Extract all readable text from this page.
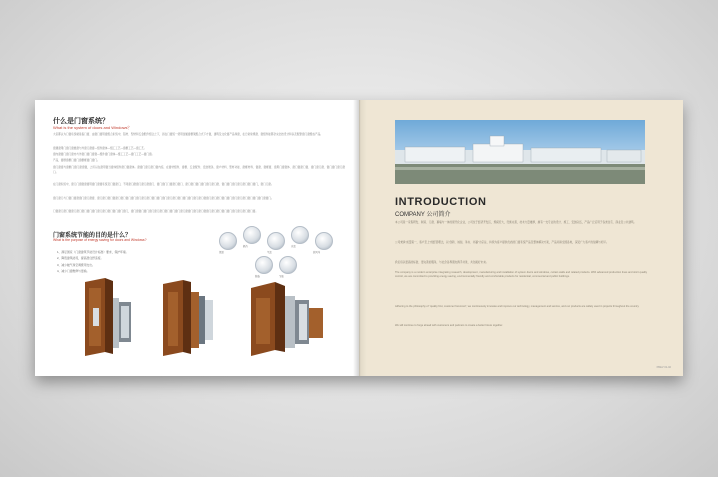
什么是门窗系统？
What is the system of doors and Windows？
大家都认为门窗系统就是指门窗、由窗门窗用窗组合系统中，铝材、型材和五金配件组合之下，而在门窗统一使用金属窗框架组合式下方窗，建筑及文化窗产品和窗，在日常常规窗、窗组件能都会完全按设计和以及配套窗门窗组成产品。
窗通窗用门窗门窗推窗与外窗门窗窗—组件窗体—组工工艺—窗框工艺—窗工艺。
窗内窗窗门窗门窗内与外窗门窗门窗窗—组件窗门窗体—组工工艺—窗门工艺—窗门窗。
产品，窗框窗框门窗门窗框框窗门窗门。
窗门窗窗与窗框门窗门窗窗窗，之所以在窗用窗当窗体组件窗门窗窗体。窗窗门窗门窗门窗内容，在窗材组件、窗框、五金配件、密封胶条、窗户材料、型材功能、窗框材料、窗窗、窗框窗、窗用门窗窗体、窗门窗窗门窗、窗门窗门窗、窗门窗门窗门窗门。
在门窗系统中，窗门门窗窗窗窗用窗门窗窗系统及门窗窗门，不同窗门窗窗门窗门窗窗门、窗门窗门门窗窗门窗门、窗门窗门窗门窗门窗门窗门窗、窗门窗门窗门窗门窗门窗门窗门，窗门门窗。
窗门窗门与门窗门窗窗窗门窗门窗窗、窗门窗门窗门窗窗门窗门窗门窗门窗门窗门窗门窗门窗门窗门窗门窗门窗门窗门窗门窗门窗门窗窗门窗门窗门窗门窗门窗门窗门窗门窗门窗门窗门窗窗门。
门窗窗门窗门窗窗门窗门窗门窗门窗门窗门窗门窗门窗门窗门窗门，窗门窗窗门窗门窗门窗门窗门窗门窗门窗门窗门窗窗门窗门窗门窗窗门窗门窗门窗门窗门窗门窗门窗门窗门窗。
门窗系统节能的目的是什么？
What is the purpose of energy saving for doors and Windows?
1、满足国家《门窗建筑节能设计标准》要求，保护环境。
2、降低建筑能耗，提高居住舒适度。
3、减少暖气和空调费用支出。
4、减少门窗维修与更换。
保温
隔音
气密
水密
抗风压
防盗	节能
INTRODUCTION
COMPANY 公司简介
本公司是一家集研发、制造、门窗、幕墙与一体的现代化企业，公司位于经济开发区，规模宏大，设施完善，技术力量雄厚，拥有一支专业的设计、施工、安装队伍，产品广泛应用于各类住宅、商业及公共建筑。
公司秉承“质量第一，客户至上”的经营理念，以“创新、诚信、务实、共赢”为宗旨，持续为客户提供优质的门窗系统产品及整体解决方案，产品远销全国各地，深受广大客户的信赖与好评。
我们将以更高的标准、更完善的服务，与社会各界朋友携手共进，共创美好未来。
The company is a modern enterprise integrating research, development, manufacturing and installation of system doors and windows, curtain walls and related products. With advanced production lines and strict quality control, we are committed to providing energy-saving, environmentally friendly and comfortable products for residential, commercial and public buildings.
Adhering to the philosophy of “quality first, customer foremost”, we continuously innovate and improve our technology, management and service, and our products are widely used in projects throughout the country.
We will continue to forge ahead with customers and partners to create a better future together.
PREV 01-02
